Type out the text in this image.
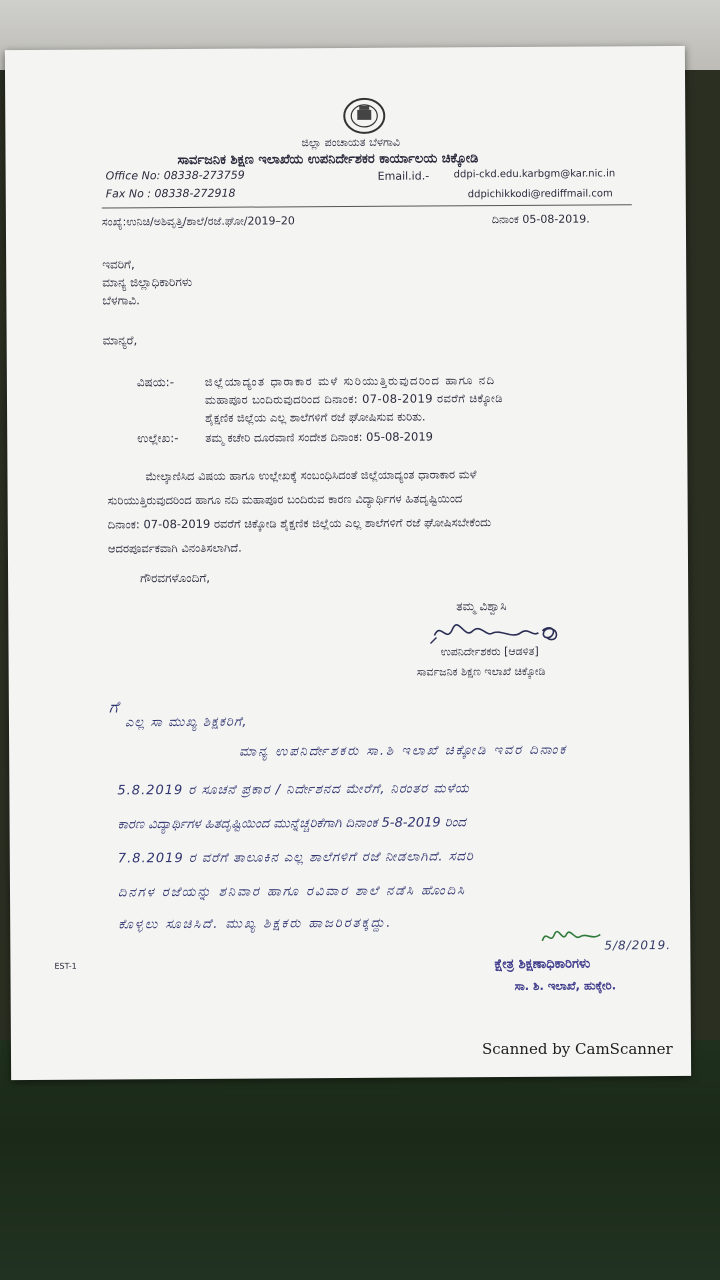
ಜಿಲ್ಲಾ ಪಂಚಾಯತ ಬೆಳಗಾವಿ
ಸಾರ್ವಜನಿಕ ಶಿಕ್ಷಣ ಇಲಾಖೆಯ ಉಪನಿರ್ದೇಶಕರ ಕಾರ್ಯಾಲಯ ಚಿಕ್ಕೋಡಿ
Office No: 08338-273759
Fax No : 08338-272918
Email.id.- ddpi-ckd.edu.karbgm@kar.nic.in
ddpichikkodi@rediffmail.com
ಸಂಖ್ಯೆ:ಉನಿಚಿ/ಅಶಿವೃತ್ತಿ/ಶಾಲೆ/ರಜೆ.ಘೋ/2019–20	ದಿನಾಂಕ 05-08-2019.
ಇವರಿಗೆ,
ಮಾನ್ಯ ಜಿಲ್ಲಾಧಿಕಾರಿಗಳು
ಬೆಳಗಾವಿ.
ಮಾನ್ಯರೆ,
ವಿಷಯ:-	ಜಿಲ್ಲೆಯಾದ್ಯಂತ ಧಾರಾಕಾರ ಮಳೆ ಸುರಿಯುತ್ತಿರುವುದರಿಂದ ಹಾಗೂ ನದಿ
ಮಹಾಪೂರ ಬಂದಿರುವುದರಿಂದ ದಿನಾಂಕ: 07-08-2019 ರವರೆಗೆ ಚಿಕ್ಕೋಡಿ
ಶೈಕ್ಷಣಿಕ ಜಿಲ್ಲೆಯ ಎಲ್ಲ ಶಾಲೆಗಳಿಗೆ ರಜೆ ಘೋಷಿಸುವ ಕುರಿತು.
ಉಲ್ಲೇಖ:- ತಮ್ಮ ಕಚೇರಿ ದೂರವಾಣಿ ಸಂದೇಶ ದಿನಾಂಕ: 05-08-2019
ಮೇಲ್ಕಾಣಿಸಿದ ವಿಷಯ ಹಾಗೂ ಉಲ್ಲೇಖಕ್ಕೆ ಸಂಬಂಧಿಸಿದಂತೆ ಜಿಲ್ಲೆಯಾದ್ಯಂತ ಧಾರಾಕಾರ ಮಳೆ
ಸುರಿಯುತ್ತಿರುವುದರಿಂದ ಹಾಗೂ ನದಿ ಮಹಾಪೂರ ಬಂದಿರುವ ಕಾರಣ ವಿದ್ಯಾರ್ಥಿಗಳ ಹಿತದೃಷ್ಟಿಯಿಂದ
ದಿನಾಂಕ: 07-08-2019 ರವರೆಗೆ ಚಿಕ್ಕೋಡಿ ಶೈಕ್ಷಣಿಕ ಜಿಲ್ಲೆಯ ಎಲ್ಲ ಶಾಲೆಗಳಿಗೆ ರಜೆ ಘೋಷಿಸಬೇಕೆಂದು
ಆದರಪೂರ್ವಕವಾಗಿ ವಿನಂತಿಸಲಾಗಿದೆ.
ಗೌರವಗಳೊಂದಿಗೆ,
ತಮ್ಮ ವಿಶ್ವಾಸಿ
ಉಪನಿರ್ದೇಶಕರು [ಆಡಳಿತ]
ಸಾರ್ವಜನಿಕ ಶಿಕ್ಷಣ ಇಲಾಖೆ ಚಿಕ್ಕೋಡಿ
ಗೆ
ಎಲ್ಲ ಸಾ ಮುಖ್ಯ ಶಿಕ್ಷಕರಿಗೆ,
ಮಾನ್ಯ ಉಪನಿರ್ದೇಶಕರು ಸಾ.ಶಿ ಇಲಾಖೆ ಚಿಕ್ಕೋಡಿ ಇವರ ದಿನಾಂಕ
5.8.2019 ರ ಸೂಚನೆ ಪ್ರಕಾರ / ನಿರ್ದೇಶನದ ಮೇರೆಗೆ, ನಿರಂತರ ಮಳೆಯ
ಕಾರಣ ವಿದ್ಯಾರ್ಥಿಗಳ ಹಿತದೃಷ್ಟಿಯಿಂದ ಮುನ್ನೆಚ್ಚರಿಕೆಗಾಗಿ ದಿನಾಂಕ 5-8-2019 ರಿಂದ
7.8.2019 ರ ವರೆಗೆ ತಾಲೂಕಿನ ಎಲ್ಲ ಶಾಲೆಗಳಿಗೆ ರಜೆ ನೀಡಲಾಗಿದೆ. ಸದರಿ
ದಿನಗಳ ರಜೆಯನ್ನು ಶನಿವಾರ ಹಾಗೂ ರವಿವಾರ ಶಾಲೆ ನಡೆಸಿ ಹೊಂದಿಸಿ
ಕೊಳ್ಳಲು ಸೂಚಿಸಿದೆ. ಮುಖ್ಯ ಶಿಕ್ಷಕರು ಹಾಜರಿರತಕ್ಕದ್ದು.
5/8/2019.
ಕ್ಷೇತ್ರ ಶಿಕ್ಷಣಾಧಿಕಾರಿಗಳು
ಸಾ. ಶಿ. ಇಲಾಖೆ, ಹುಕ್ಕೇರಿ.
EST-1
Scanned by CamScanner
